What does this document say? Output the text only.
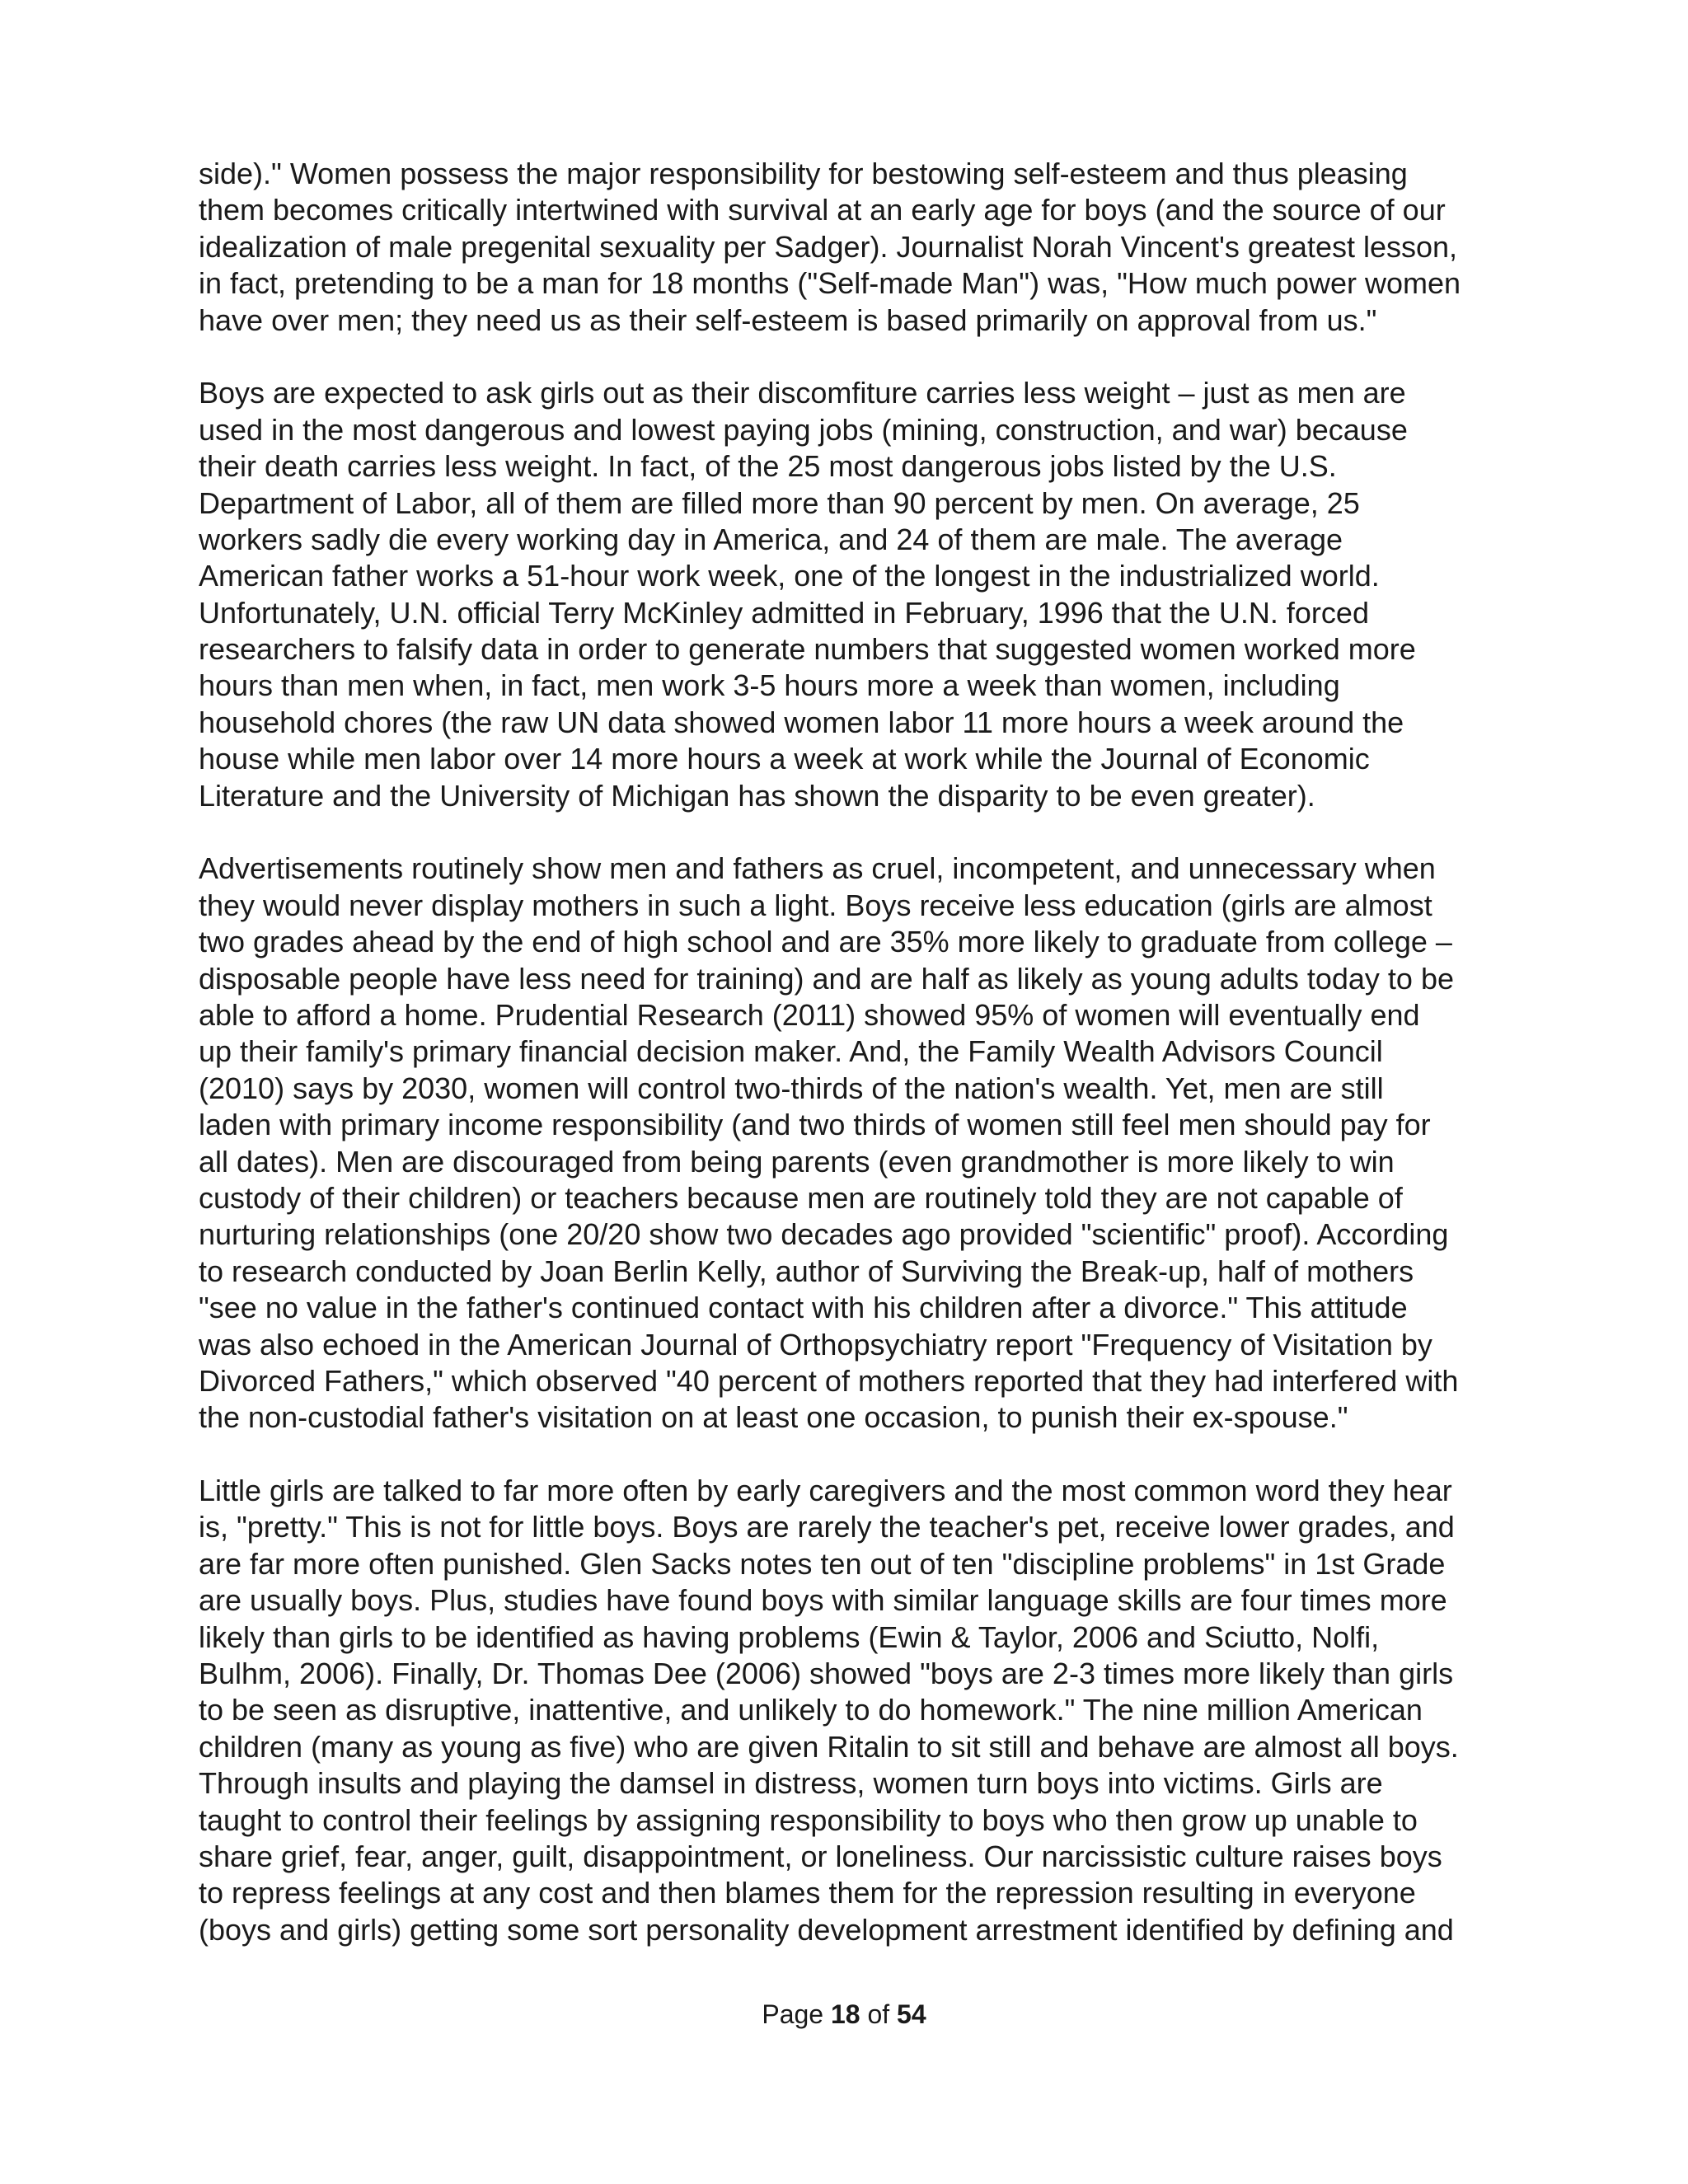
side)." Women possess the major responsibility for bestowing self-esteem and thus pleasing
them becomes critically intertwined with survival at an early age for boys (and the source of our
idealization of male pregenital sexuality per Sadger). Journalist Norah Vincent's greatest lesson,
in fact, pretending to be a man for 18 months ("Self-made Man") was, "How much power women
have over men; they need us as their self-esteem is based primarily on approval from us."
Boys are expected to ask girls out as their discomfiture carries less weight – just as men are
used in the most dangerous and lowest paying jobs (mining, construction, and war) because
their death carries less weight. In fact, of the 25 most dangerous jobs listed by the U.S.
Department of Labor, all of them are filled more than 90 percent by men. On average, 25
workers sadly die every working day in America, and 24 of them are male. The average
American father works a 51-hour work week, one of the longest in the industrialized world.
Unfortunately, U.N. official Terry McKinley admitted in February, 1996 that the U.N. forced
researchers to falsify data in order to generate numbers that suggested women worked more
hours than men when, in fact, men work 3-5 hours more a week than women, including
household chores (the raw UN data showed women labor 11 more hours a week around the
house while men labor over 14 more hours a week at work while the Journal of Economic
Literature and the University of Michigan has shown the disparity to be even greater).
Advertisements routinely show men and fathers as cruel, incompetent, and unnecessary when
they would never display mothers in such a light. Boys receive less education (girls are almost
two grades ahead by the end of high school and are 35% more likely to graduate from college –
disposable people have less need for training) and are half as likely as young adults today to be
able to afford a home. Prudential Research (2011) showed 95% of women will eventually end
up their family's primary financial decision maker. And, the Family Wealth Advisors Council
(2010) says by 2030, women will control two-thirds of the nation's wealth. Yet, men are still
laden with primary income responsibility (and two thirds of women still feel men should pay for
all dates). Men are discouraged from being parents (even grandmother is more likely to win
custody of their children) or teachers because men are routinely told they are not capable of
nurturing relationships (one 20/20 show two decades ago provided "scientific" proof). According
to research conducted by Joan Berlin Kelly, author of Surviving the Break-up, half of mothers
"see no value in the father's continued contact with his children after a divorce." This attitude
was also echoed in the American Journal of Orthopsychiatry report "Frequency of Visitation by
Divorced Fathers," which observed "40 percent of mothers reported that they had interfered with
the non-custodial father's visitation on at least one occasion, to punish their ex-spouse."
Little girls are talked to far more often by early caregivers and the most common word they hear
is, "pretty." This is not for little boys. Boys are rarely the teacher's pet, receive lower grades, and
are far more often punished. Glen Sacks notes ten out of ten "discipline problems" in 1st Grade
are usually boys. Plus, studies have found boys with similar language skills are four times more
likely than girls to be identified as having problems (Ewin & Taylor, 2006 and Sciutto, Nolfi,
Bulhm, 2006). Finally, Dr. Thomas Dee (2006) showed "boys are 2-3 times more likely than girls
to be seen as disruptive, inattentive, and unlikely to do homework." The nine million American
children (many as young as five) who are given Ritalin to sit still and behave are almost all boys.
Through insults and playing the damsel in distress, women turn boys into victims. Girls are
taught to control their feelings by assigning responsibility to boys who then grow up unable to
share grief, fear, anger, guilt, disappointment, or loneliness. Our narcissistic culture raises boys
to repress feelings at any cost and then blames them for the repression resulting in everyone
(boys and girls) getting some sort personality development arrestment identified by defining and
Page 18 of 54
